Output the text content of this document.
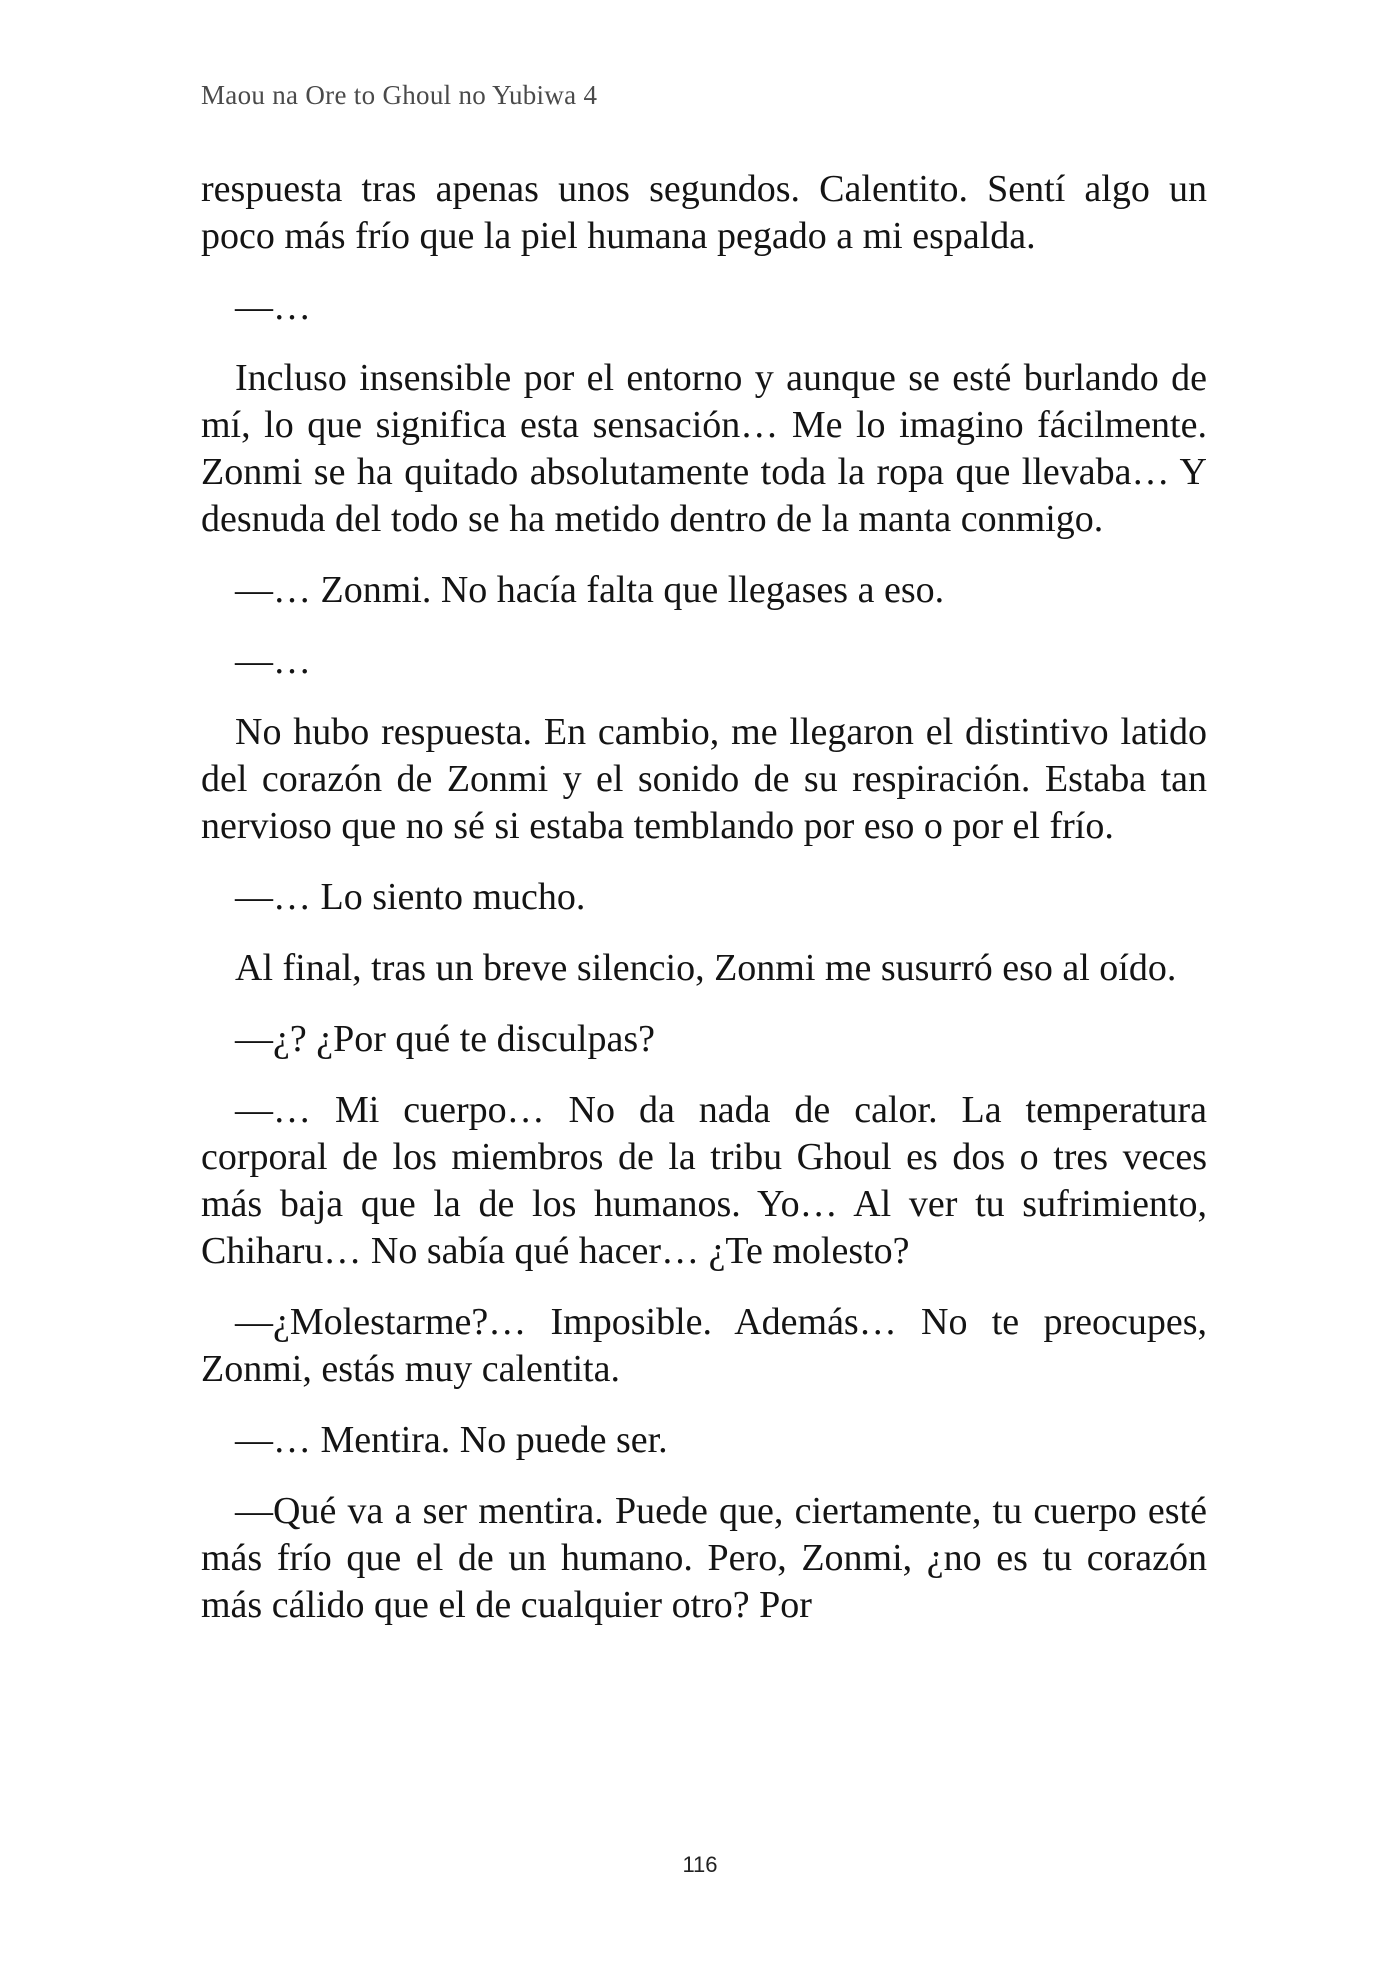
Maou na Ore to Ghoul no Yubiwa 4

respuesta tras apenas unos segundos. Calentito. Sentí algo un poco más frío que la piel humana pegado a mi espalda.

—…

Incluso insensible por el entorno y aunque se esté burlando de mí, lo que significa esta sensación… Me lo imagino fácilmente. Zonmi se ha quitado absolutamente toda la ropa que llevaba… Y desnuda del todo se ha metido dentro de la manta conmigo.

—… Zonmi. No hacía falta que llegases a eso.

—…

No hubo respuesta. En cambio, me llegaron el distintivo latido del corazón de Zonmi y el sonido de su respiración. Estaba tan nervioso que no sé si estaba temblando por eso o por el frío.

—… Lo siento mucho.

Al final, tras un breve silencio, Zonmi me susurró eso al oído.

—¿? ¿Por qué te disculpas?

—… Mi cuerpo… No da nada de calor. La temperatura corporal de los miembros de la tribu Ghoul es dos o tres veces más baja que la de los humanos. Yo… Al ver tu sufrimiento, Chiharu… No sabía qué hacer… ¿Te molesto?

—¿Molestarme?… Imposible. Además… No te preocupes, Zonmi, estás muy calentita.

—… Mentira. No puede ser.

—Qué va a ser mentira. Puede que, ciertamente, tu cuerpo esté más frío que el de un humano. Pero, Zonmi, ¿no es tu corazón más cálido que el de cualquier otro? Por

116
